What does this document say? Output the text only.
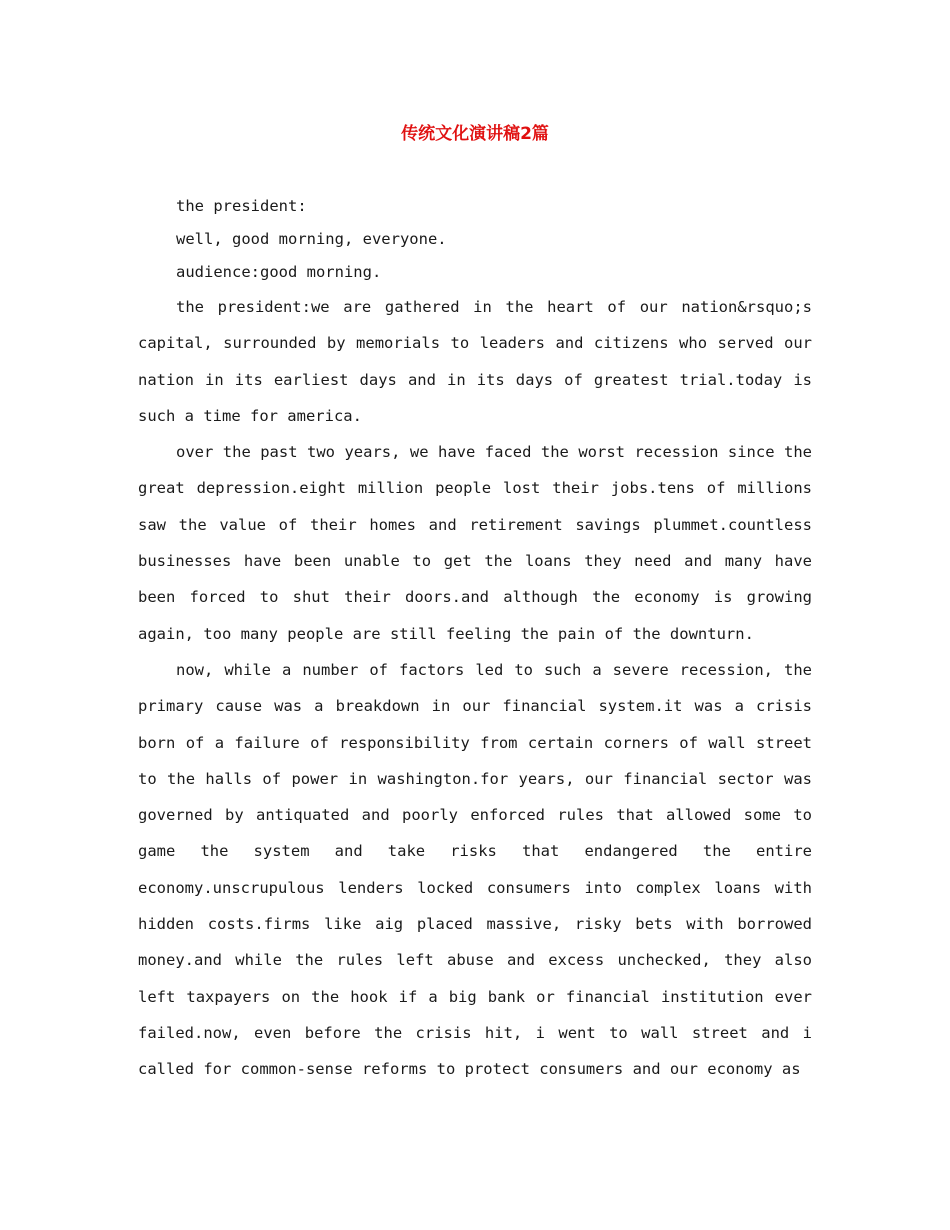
传统文化演讲稿2篇

the president:

well, good morning, everyone.

audience:good morning.

the president:we are gathered in the heart of our nation&rsquo;s capital, surrounded by memorials to leaders and citizens who served our nation in its earliest days and in its days of greatest trial.today is such a time for america.

over the past two years, we have faced the worst recession since the great depression.eight million people lost their jobs.tens of millions saw the value of their homes and retirement savings plummet.countless businesses have been unable to get the loans they need and many have been forced to shut their doors.and although the economy is growing again, too many people are still feeling the pain of the downturn.

now, while a number of factors led to such a severe recession, the primary cause was a breakdown in our financial system.it was a crisis born of a failure of responsibility from certain corners of wall street to the halls of power in washington.for years, our financial sector was governed by antiquated and poorly enforced rules that allowed some to game the system and take risks that endangered the entire economy.unscrupulous lenders locked consumers into complex loans with hidden costs.firms like aig placed massive, risky bets with borrowed money.and while the rules left abuse and excess unchecked, they also left taxpayers on the hook if a big bank or financial institution ever failed.now, even before the crisis hit, i went to wall street and i called for common-sense reforms to protect consumers and our economy as
